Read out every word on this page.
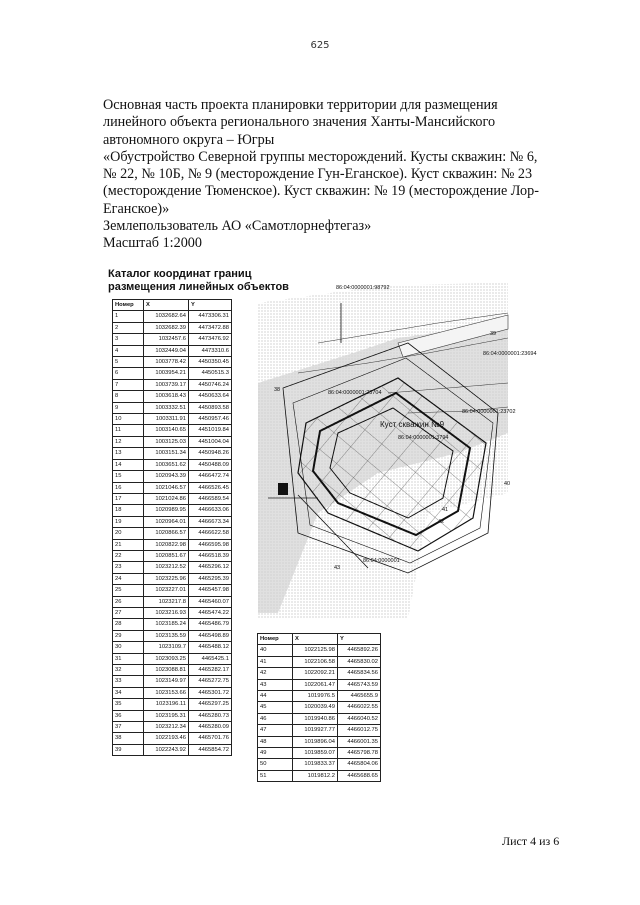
625
Основная часть проекта планировки территории для размещения
линейного объекта регионального значения Ханты-Мансийского
автономного округа – Югры
«Обустройство Северной группы месторождений. Кусты скважин: № 6,
№ 22, № 10Б, № 9 (месторождение Гун-Еганское). Куст скважин: № 23
(месторождение Тюменское). Куст скважин: № 19 (месторождение Лор-
Еганское)»
Землепользователь АО «Самотлорнефтегаз»
Масштаб 1:2000
Каталог координат границ
размещения линейных объектов
Номер	X	Y
1	1032682.64	4473306.31
2	1032682.39	4473472.88
3	1032457.6	4473476.92
4	1032449.04	4473310.6
5	1003778.42	4450350.45
6	1003954.21	4450515.3
7	1003739.17	4450746.24
8	1003618.43	4450633.64
9	1003332.51	4450893.58
10	1003311.91	4450957.46
11	1003140.65	4451019.84
12	1003125.03	4451004.04
13	1003151.34	4450948.26
14	1003651.62	4450488.09
15	1020943.39	4466472.74
16	1021046.57	4466526.45
17	1021024.86	4466589.54
18	1020989.95	4466633.06
19	1020964.01	4466673.34
20	1020866.57	4466622.58
21	1020822.98	4466595.98
22	1020851.67	4466518.39
23	1023212.52	4465296.12
24	1023225.96	4465295.39
25	1023227.01	4465457.98
26	1023217.8	4465460.07
27	1023216.93	4465474.22
28	1023185.24	4465486.79
29	1023135.59	4465498.89
30	1023109.7	4465488.12
31	1023093.25	4465425.1
32	1023088.81	4465282.17
33	1023149.97	4465272.75
34	1023153.66	4465301.72
35	1023196.11	4465297.25
36	1023195.31	4465280.73
37	1023212.34	4465280.09
38	1022193.46	4465701.76
39	1022243.92	4465854.72
Номер	X	Y
40	1022125.98	4465892.26
41	1022106.58	4465830.02
42	1022092.21	4465834.56
43	1022061.47	4465743.59
44	1019976.5	4465655.9
45	1020039.49	4466022.55
46	1019940.86	4466040.52
47	1019927.77	4466012.75
48	1019896.04	4466001.35
49	1019859.07	4465798.78
50	1019833.37	4465804.06
51	1019812.2	4465688.65
86:04:0000001:98792
86:04:0000001:23694
86:04:0000001:23704
86:04:0000001:23702
86:04:0000001:3794
86:04:0000001
Куст скважин №9
38
39
40
41
42
43
Лист 4 из 6
